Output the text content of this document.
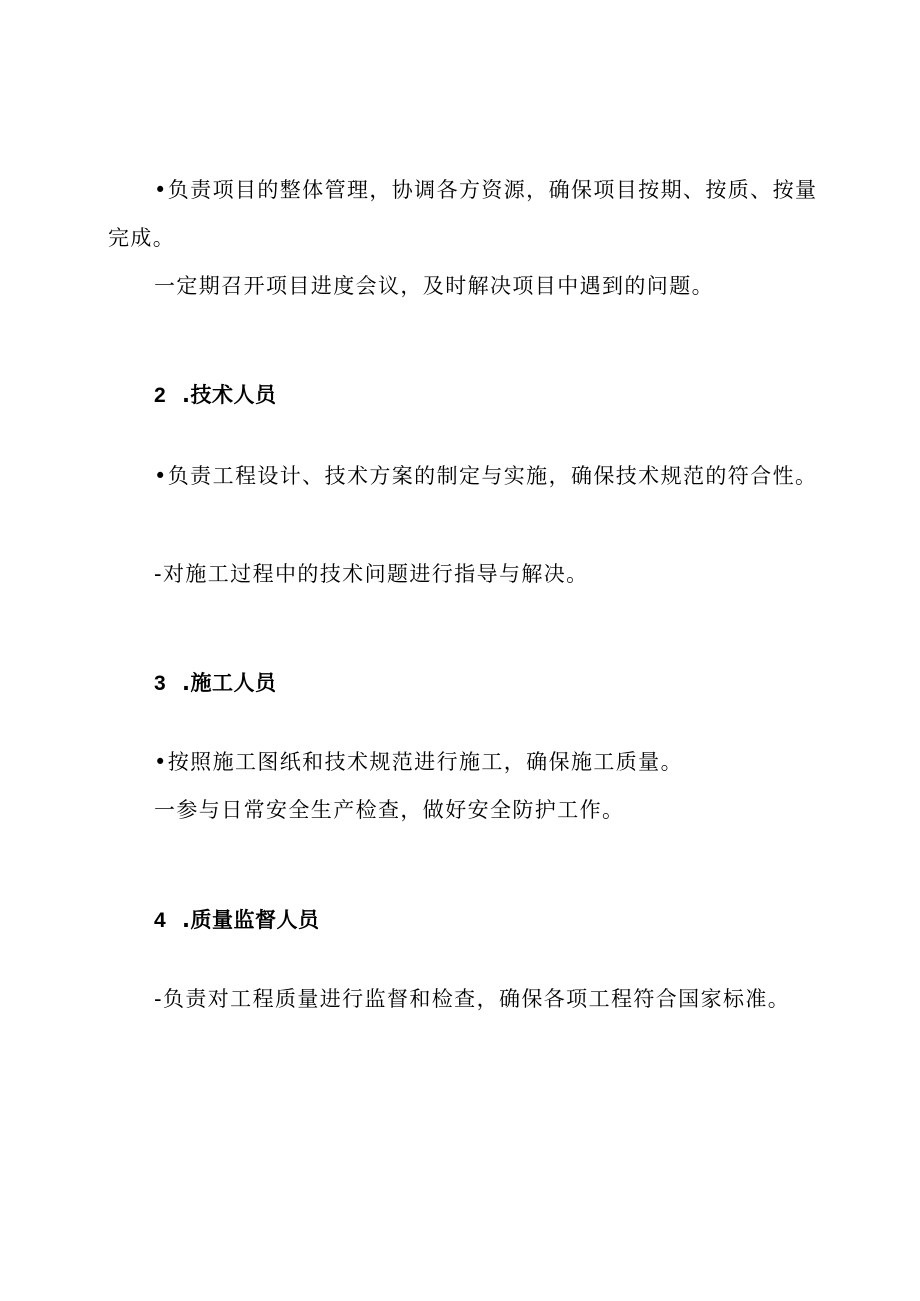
•负责项目的整体管理，协调各方资源，确保项目按期、按质、按量完成。

一定期召开项目进度会议，及时解决项目中遇到的问题。

2 .技术人员

•负责工程设计、技术方案的制定与实施，确保技术规范的符合性。

-对施工过程中的技术问题进行指导与解决。

3 .施工人员

•按照施工图纸和技术规范进行施工，确保施工质量。

一参与日常安全生产检查，做好安全防护工作。

4 .质量监督人员

-负责对工程质量进行监督和检查，确保各项工程符合国家标准。
